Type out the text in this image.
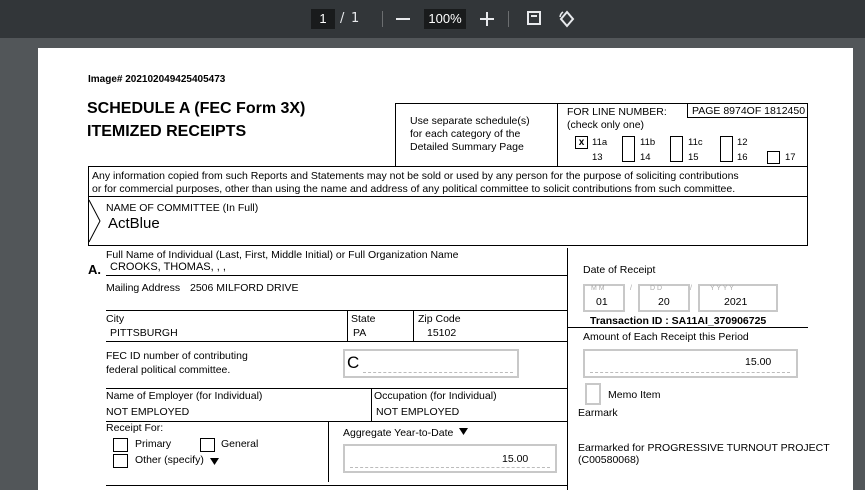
1	/ 1	100%
Image# 202102049425405473
SCHEDULE A (FEC Form 3X)
ITEMIZED RECEIPTS
Use separate schedule(s)
for each category of the
Detailed Summary Page
FOR LINE NUMBER:
(check only one)
PAGE 8974OF 1812450
x 11a
13
11b
14
11c
15
12
16	17
Any information copied from such Reports and Statements may not be sold or used by any person for the purpose of soliciting contributions
or for commercial purposes, other than using the name and address of any political committee to solicit contributions from such committee.
NAME OF COMMITTEE (In Full)
ActBlue
A.
Full Name of Individual (Last, First, Middle Initial) or Full Organization Name
CROOKS, THOMAS, , ,
Mailing Address 2506 MILFORD DRIVE
City
PITTSBURGH
State
PA
Zip Code
15102
FEC ID number of contributing
federal political committee.	C
Name of Employer (for Individual)
NOT EMPLOYED
Occupation (for Individual)
NOT EMPLOYED
Receipt For:
Primary	General
Other (specify)
Aggregate Year-to-Date
15.00
Date of Receipt
M M
01
/	D D
20
/	Y Y Y Y
2021
Transaction ID : SA11AI_370906725
Amount of Each Receipt this Period
15.00
Memo Item
Earmark
Earmarked for PROGRESSIVE TURNOUT PROJECT
(C00580068)
